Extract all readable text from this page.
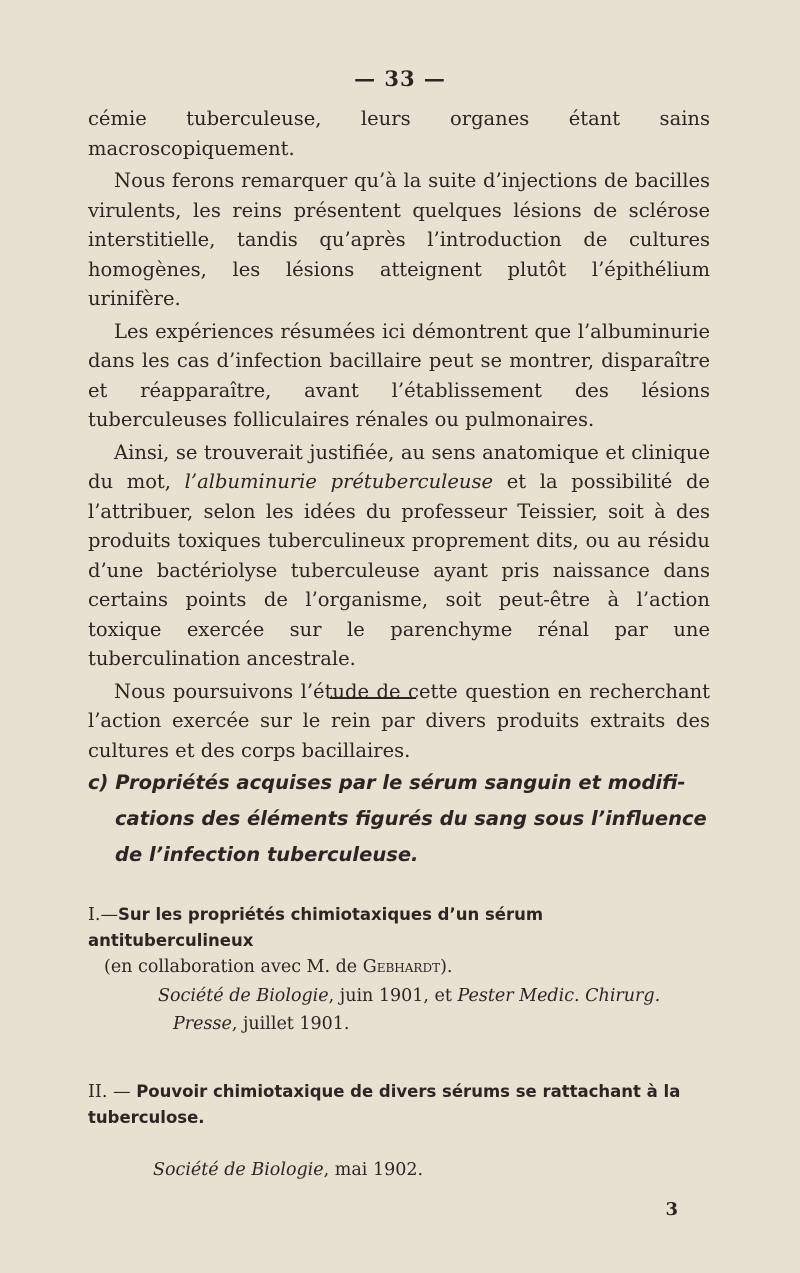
— 33 —

cémie tuberculeuse, leurs organes étant sains macroscopiquement.

Nous ferons remarquer qu’à la suite d’injections de bacilles virulents, les reins présentent quelques lésions de sclérose interstitielle, tandis qu’après l’introduction de cultures homogènes, les lésions atteignent plutôt l’épithélium urinifère.

Les expériences résumées ici démontrent que l’albuminurie dans les cas d’infection bacillaire peut se montrer, disparaître et réapparaître, avant l’établissement des lésions tuberculeuses folliculaires rénales ou pulmonaires.

Ainsi, se trouverait justifiée, au sens anatomique et clinique du mot, l’albuminurie prétuberculeuse et la possibilité de l’attribuer, selon les idées du professeur Teissier, soit à des produits toxiques tuberculineux proprement dits, ou au résidu d’une bactériolyse tuberculeuse ayant pris naissance dans certains points de l’organisme, soit peut-être à l’action toxique exercée sur le parenchyme rénal par une tuberculination ancestrale.

Nous poursuivons l’étude de cette question en recherchant l’action exercée sur le rein par divers produits extraits des cultures et des corps bacillaires.

c) Propriétés acquises par le sérum sanguin et modifi-
cations des éléments figurés du sang sous l’influence
de l’infection tuberculeuse.
I.—Sur les propriétés chimiotaxiques d’un sérum antituberculineux
(en collaboration avec M. de Gebhardt).
Société de Biologie, juin 1901, et Pester Medic. Chirurg.
Presse, juillet 1901.
II. — Pouvoir chimiotaxique de divers sérums se rattachant à la
tuberculose.
Société de Biologie, mai 1902.
3
